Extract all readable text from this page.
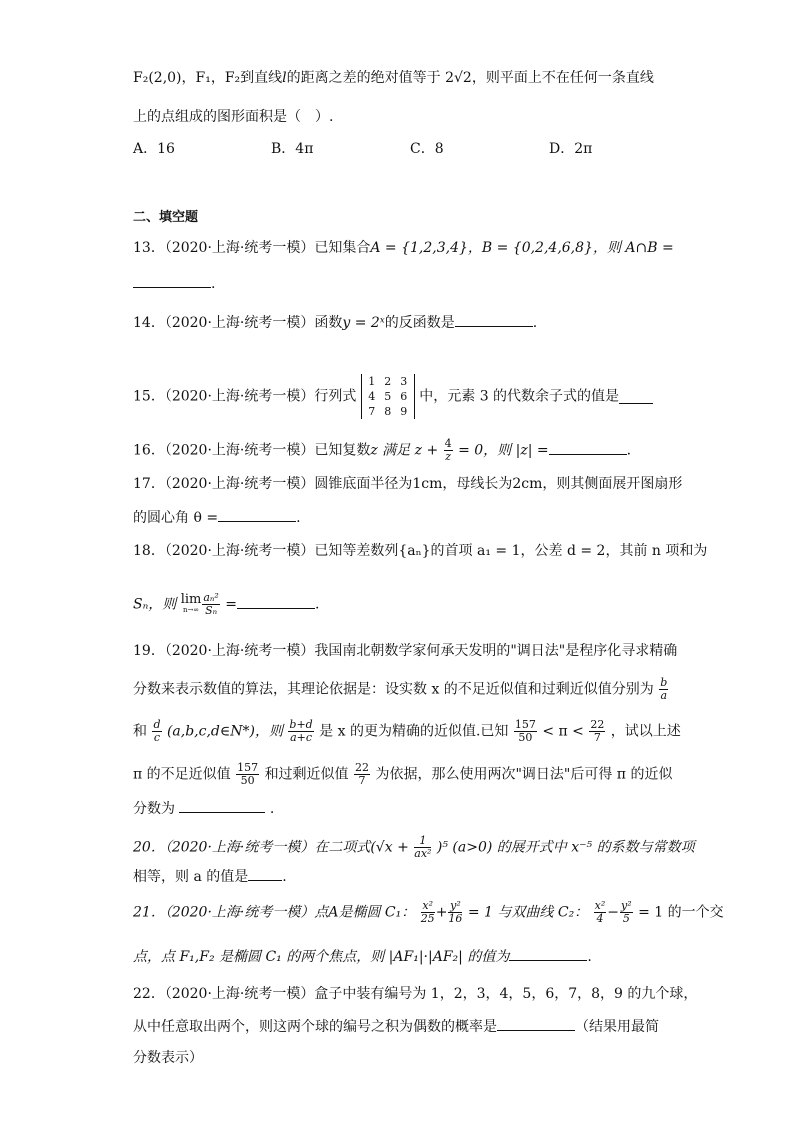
F₂(2,0)，F₁，F₂到直线l的距离之差的绝对值等于 2√2，则平面上不在任何一条直线
上的点组成的图形面积是（　）.
A．16	B．4π	C．8	D．2π
二、填空题
13．（2020·上海·统考一模）已知集合A = {1,2,3,4}，B = {0,2,4,6,8}，则 A∩B =
.
14．（2020·上海·统考一模）函数y = 2ˣ的反函数是	.
15．（2020·上海·统考一模）行列式
1 2 3
4 5 6
7 8 9
中，元素 3 的代数余子式的值是
16．（2020·上海·统考一模）已知复数z 满足 $z + \frac{4}{z} = 0$，则 |z| =	.
17．（2020·上海·统考一模）圆锥底面半径为1cm，母线长为2cm，则其侧面展开图扇形
的圆心角 θ =	.
18．（2020·上海·统考一模）已知等差数列{aₙ}的首项 a₁ = 1，公差 d = 2，其前 n 项和为
Sₙ，则 lim
$n\to\infty \frac{\text{aₙ²}}{\text{Sₙ}}$ =	.
19．（2020·上海·统考一模）我国南北朝数学家何承天发明的"调日法"是程序化寻求精确
分数来表示数值的算法，其理论依据是：设实数 x 的不足近似值和过剩近似值分别为 $\frac{b}{a}$
和 $\frac{d}{c}$ (a,b,c,d∈N*)，则 $\frac{b+d}{a+c}$ 是 x 的更为精确的近似值.已知 $\frac{157}{50} < \pi < \frac{22}{7}$ ，试以上述
π 的不足近似值 $\frac{157}{50}$ 和过剩近似值 $\frac{22}{7}$ 为依据，那么使用两次"调日法"后可得 π 的近似
分数为	.
20．（2020·上海·统考一模）在二项式$(√x + \frac{1}{\text{ax²}} )^5$ (a>0) 的展开式中 x⁻⁵ 的系数与常数项
相等，则 a 的值是 .
21．（2020·上海·统考一模）点A是椭圆 C₁： $\frac{\text{x²}}{25} + \frac{\text{y²}}{16} = 1$ 与双曲线 C₂： $\frac{\text{x²}}{4} - \frac{\text{y²}}{5} = 1$ 的一个交
点，点 F₁,F₂ 是椭圆 C₁ 的两个焦点，则 |AF₁|·|AF₂| 的值为	.
22．（2020·上海·统考一模）盒子中装有编号为 1，2，3，4，5，6，7，8，9 的九个球，
从中任意取出两个，则这两个球的编号之积为偶数的概率是	（结果用最简
分数表示）
